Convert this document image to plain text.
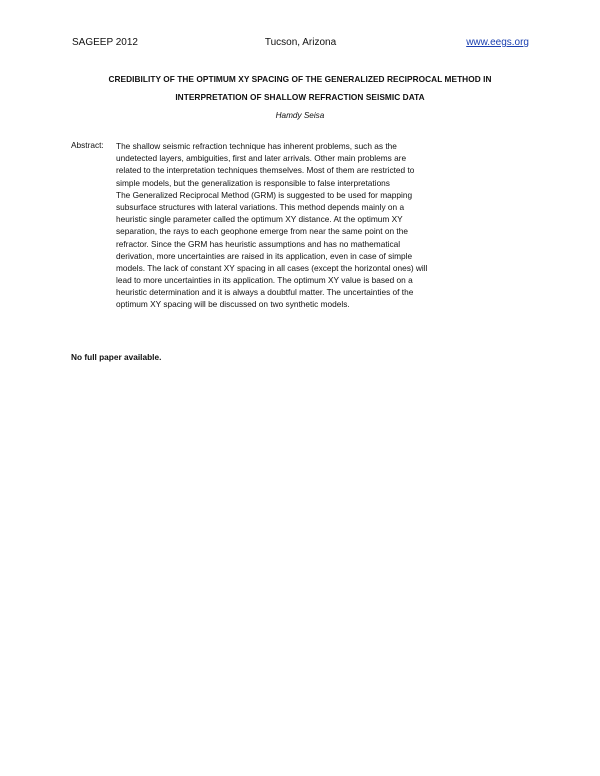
SAGEEP 2012	Tucson, Arizona	www.eegs.org
CREDIBILITY OF THE OPTIMUM XY SPACING OF THE GENERALIZED RECIPROCAL METHOD IN
INTERPRETATION OF SHALLOW REFRACTION SEISMIC DATA
Hamdy Seisa
Abstract: The shallow seismic refraction technique has inherent problems, such as the
undetected layers, ambiguities, first and later arrivals. Other main problems are
related to the interpretation techniques themselves. Most of them are restricted to
simple models, but the generalization is responsible to false interpretations
The Generalized Reciprocal Method (GRM) is suggested to be used for mapping
subsurface structures with lateral variations. This method depends mainly on a
heuristic single parameter called the optimum XY distance. At the optimum XY
separation, the rays to each geophone emerge from near the same point on the
refractor. Since the GRM has heuristic assumptions and has no mathematical
derivation, more uncertainties are raised in its application, even in case of simple
models. The lack of constant XY spacing in all cases (except the horizontal ones) will
lead to more uncertainties in its application. The optimum XY value is based on a
heuristic determination and it is always a doubtful matter. The uncertainties of the
optimum XY spacing will be discussed on two synthetic models.
No full paper available.
